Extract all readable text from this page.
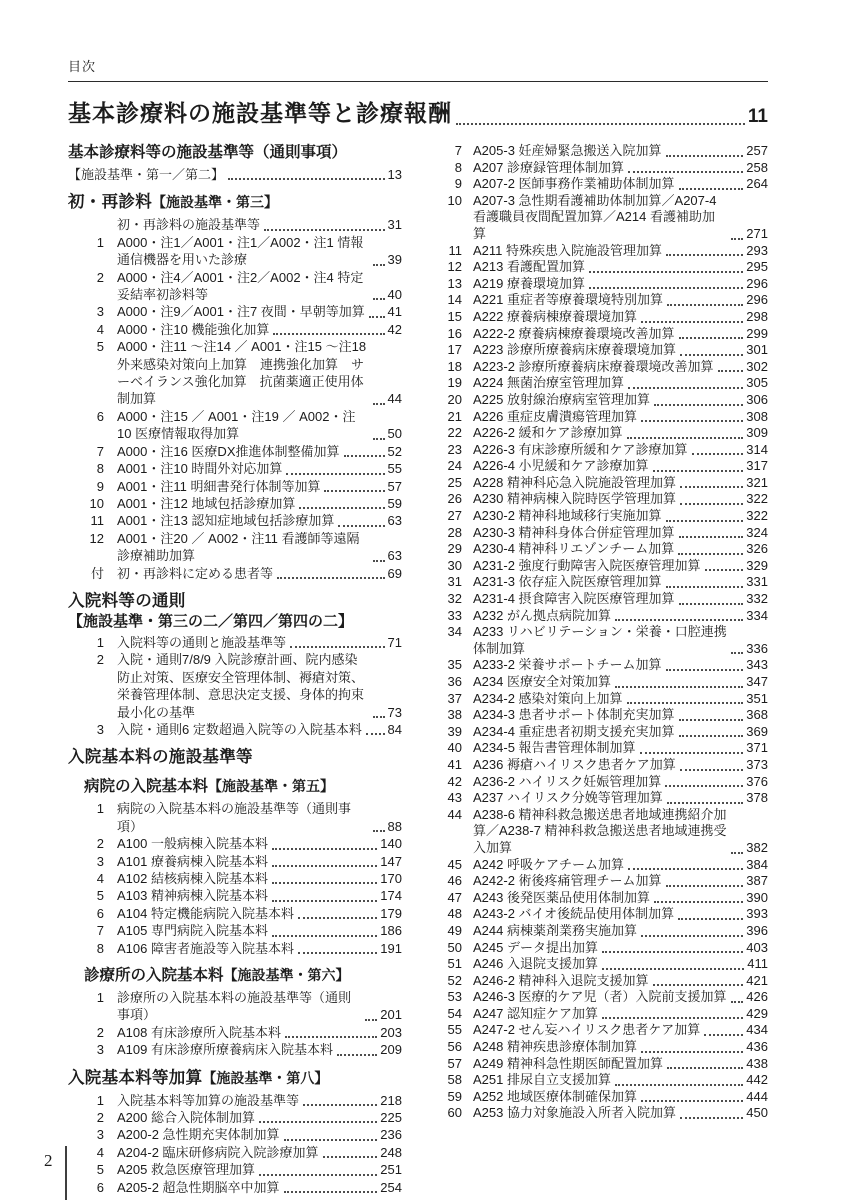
目次
基本診療料の施設基準等と診療報酬	11
基本診療料等の施設基準等（通則事項）
【施設基準・第一／第二】	13
初・再診料【施設基準・第三】
初・再診料の施設基準等	31
1 A000・注1／A001・注1／A002・注1 情報通信機器を用いた診療	39
2 A000・注4／A001・注2／A002・注4 特定妥結率初診料等	40
3 A000・注9／A001・注7 夜間・早朝等加算 41
4 A000・注10 機能強化加算	42
5 A000・注11 ～注14 ／ A001・注15 ～注18 外来感染対策向上加算　連携強化加算　サーベイランス強化加算　抗菌薬適正使用体制加算	44
6 A000・注15 ／ A001・注19 ／ A002・注10 医療情報取得加算	50
7 A000・注16 医療DX推進体制整備加算	52
8 A001・注10 時間外対応加算	55
9 A001・注11 明細書発行体制等加算	57
10 A001・注12 地域包括診療加算	59
11 A001・注13 認知症地域包括診療加算	63
12 A001・注20 ／ A002・注11 看護師等遠隔診療補助加算	63
付 初・再診料に定める患者等	69
入院料等の通則
【施設基準・第三の二／第四／第四の二】
1 入院料等の通則と施設基準等	71
2 入院・通則7/8/9 入院診療計画、院内感染防止対策、医療安全管理体制、褥瘡対策、栄養管理体制、意思決定支援、身体的拘束最小化の基準	73
3 入院・通則6 定数超過入院等の入院基本料 84
入院基本料の施設基準等
病院の入院基本料【施設基準・第五】
1 病院の入院基本料の施設基準等（通則事項）	88
2 A100 一般病棟入院基本料	140
3 A101 療養病棟入院基本料	147
4 A102 結核病棟入院基本料	170
5 A103 精神病棟入院基本料	174
6 A104 特定機能病院入院基本料	179
7 A105 専門病院入院基本料	186
8 A106 障害者施設等入院基本料	191
診療所の入院基本料【施設基準・第六】
1 診療所の入院基本料の施設基準等（通則事項）	201
2 A108 有床診療所入院基本料	203
3 A109 有床診療所療養病床入院基本料	209
入院基本料等加算【施設基準・第八】
1 入院基本料等加算の施設基準等	218
2 A200 総合入院体制加算	225
3 A200-2 急性期充実体制加算	236
4 A204-2 臨床研修病院入院診療加算	248
5 A205 救急医療管理加算	251
6 A205-2 超急性期脳卒中加算	254
7 A205-3 妊産婦緊急搬送入院加算	257
8 A207 診療録管理体制加算	258
9 A207-2 医師事務作業補助体制加算	264
10 A207-3 急性期看護補助体制加算／A207-4 看護職員夜間配置加算／A214 看護補助加算	271
11 A211 特殊疾患入院施設管理加算	293
12 A213 看護配置加算	295
13 A219 療養環境加算	296
14 A221 重症者等療養環境特別加算	296
15 A222 療養病棟療養環境加算	298
16 A222-2 療養病棟療養環境改善加算	299
17 A223 診療所療養病床療養環境加算	301
18 A223-2 診療所療養病床療養環境改善加算	302
19 A224 無菌治療室管理加算	305
20 A225 放射線治療病室管理加算	306
21 A226 重症皮膚潰瘍管理加算	308
22 A226-2 緩和ケア診療加算	309
23 A226-3 有床診療所緩和ケア診療加算	314
24 A226-4 小児緩和ケア診療加算	317
25 A228 精神科応急入院施設管理加算	321
26 A230 精神病棟入院時医学管理加算	322
27 A230-2 精神科地域移行実施加算	322
28 A230-3 精神科身体合併症管理加算	324
29 A230-4 精神科リエゾンチーム加算	326
30 A231-2 強度行動障害入院医療管理加算	329
31 A231-3 依存症入院医療管理加算	331
32 A231-4 摂食障害入院医療管理加算	332
33 A232 がん拠点病院加算	334
34 A233 リハビリテーション・栄養・口腔連携体制加算	336
35 A233-2 栄養サポートチーム加算	343
36 A234 医療安全対策加算	347
37 A234-2 感染対策向上加算	351
38 A234-3 患者サポート体制充実加算	368
39 A234-4 重症患者初期支援充実加算	369
40 A234-5 報告書管理体制加算	371
41 A236 褥瘡ハイリスク患者ケア加算	373
42 A236-2 ハイリスク妊娠管理加算	376
43 A237 ハイリスク分娩等管理加算	378
44 A238-6 精神科救急搬送患者地域連携紹介加算／A238-7 精神科救急搬送患者地域連携受入加算	382
45 A242 呼吸ケアチーム加算	384
46 A242-2 術後疼痛管理チーム加算	387
47 A243 後発医薬品使用体制加算	390
48 A243-2 バイオ後続品使用体制加算	393
49 A244 病棟薬剤業務実施加算	396
50 A245 データ提出加算	403
51 A246 入退院支援加算	411
52 A246-2 精神科入退院支援加算	421
53 A246-3 医療的ケア児（者）入院前支援加算 426
54 A247 認知症ケア加算	429
55 A247-2 せん妄ハイリスク患者ケア加算	434
56 A248 精神疾患診療体制加算	436
57 A249 精神科急性期医師配置加算	438
58 A251 排尿自立支援加算	442
59 A252 地域医療体制確保加算	444
60 A253 協力対象施設入所者入院加算	450
2
